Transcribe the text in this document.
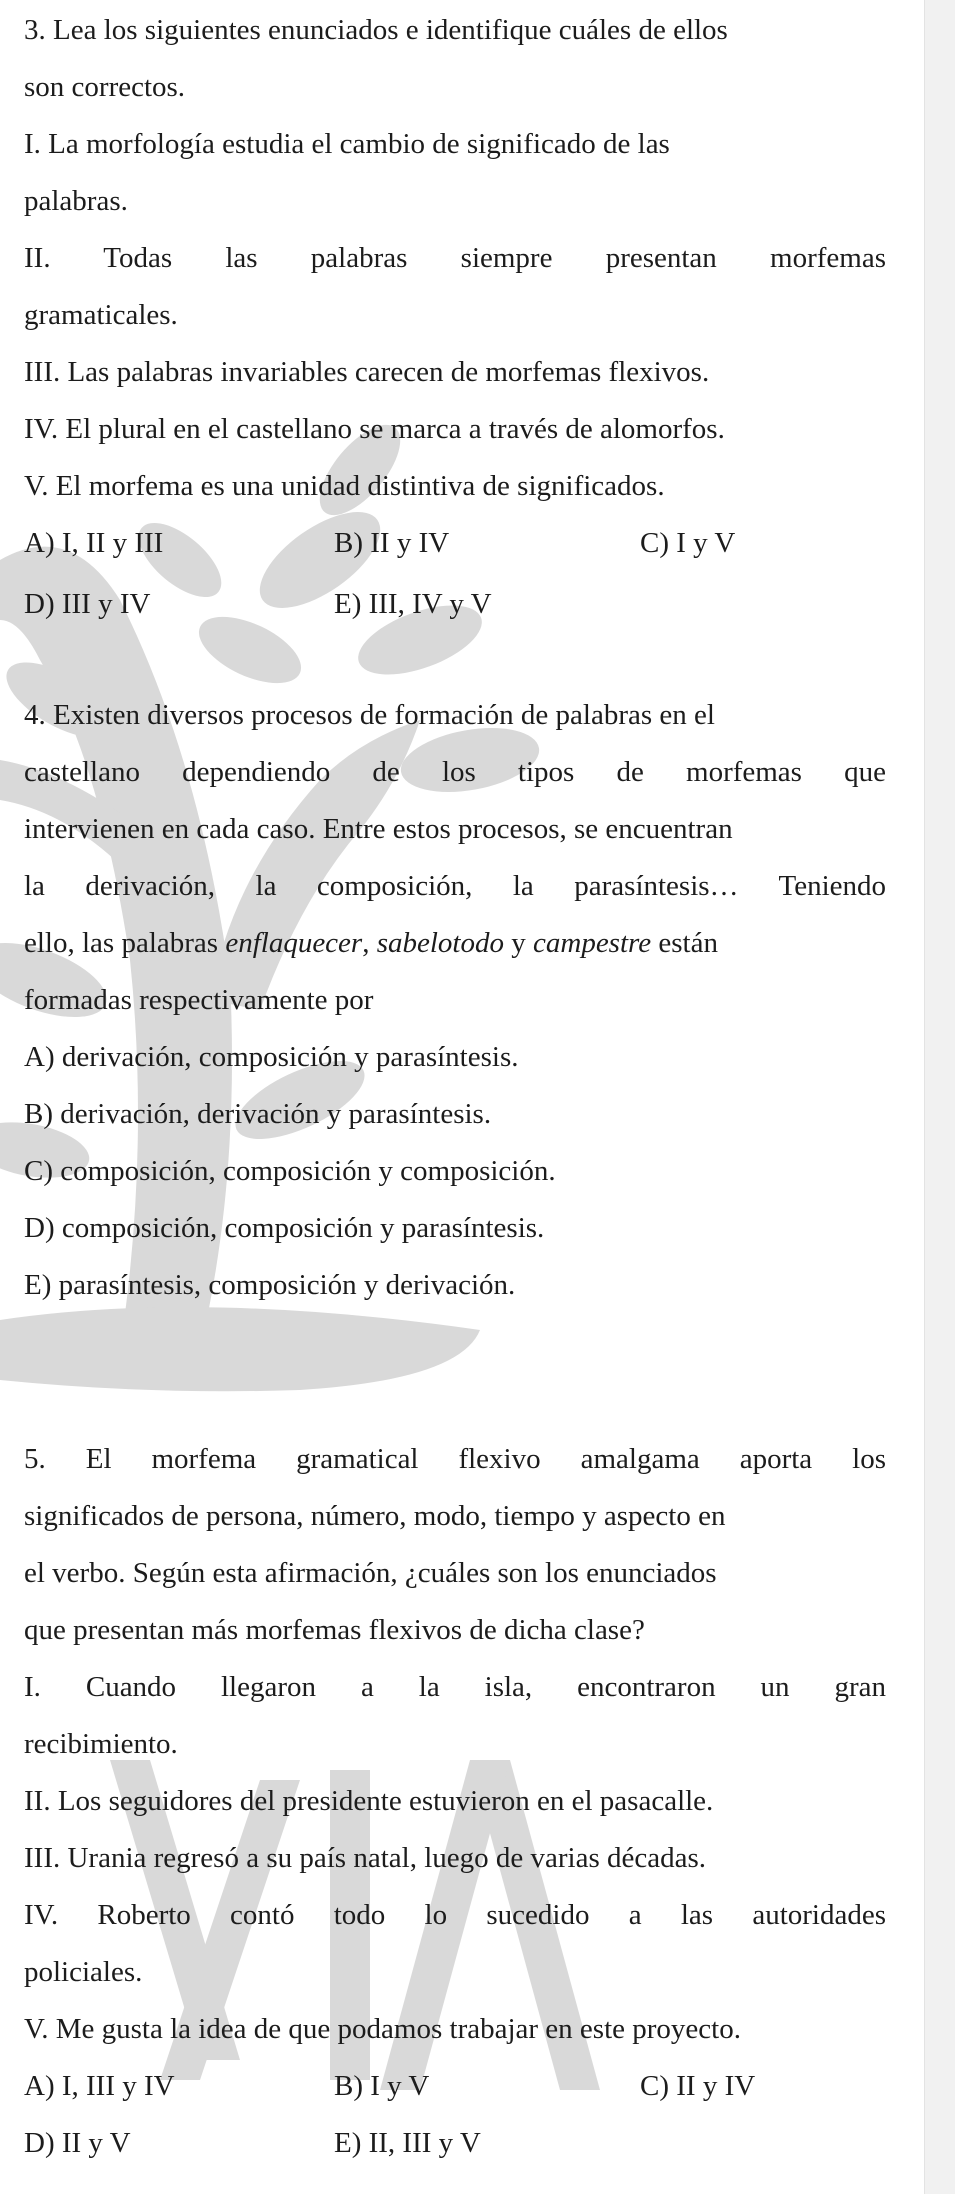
3. Lea los siguientes enunciados e identifique cuáles de ellos
son correctos.
I. La morfología estudia el cambio de significado de las
palabras.
II. Todas las palabras siempre presentan morfemas
gramaticales.
III. Las palabras invariables carecen de morfemas flexivos.
IV. El plural en el castellano se marca a través de alomorfos.
V. El morfema es una unidad distintiva de significados.
A) I, II y III	B) II y IV	C) I y V
D) III y IV	E) III, IV y V
4. Existen diversos procesos de formación de palabras en el
castellano dependiendo de los tipos de morfemas que
intervienen en cada caso. Entre estos procesos, se encuentran
la derivación, la composición, la parasíntesis… Teniendo
ello, las palabras enflaquecer, sabelotodo y campestre están
formadas respectivamente por
A) derivación, composición y parasíntesis.
B) derivación, derivación y parasíntesis.
C) composición, composición y composición.
D) composición, composición y parasíntesis.
E) parasíntesis, composición y derivación.
5. El morfema gramatical flexivo amalgama aporta los
significados de persona, número, modo, tiempo y aspecto en
el verbo. Según esta afirmación, ¿cuáles son los enunciados
que presentan más morfemas flexivos de dicha clase?
I. Cuando llegaron a la isla, encontraron un gran
recibimiento.
II. Los seguidores del presidente estuvieron en el pasacalle.
III. Urania regresó a su país natal, luego de varias décadas.
IV. Roberto contó todo lo sucedido a las autoridades
policiales.
V. Me gusta la idea de que podamos trabajar en este proyecto.
A) I, III y IV	B) I y V	C) II y IV
D) II y V	E) II, III y V
